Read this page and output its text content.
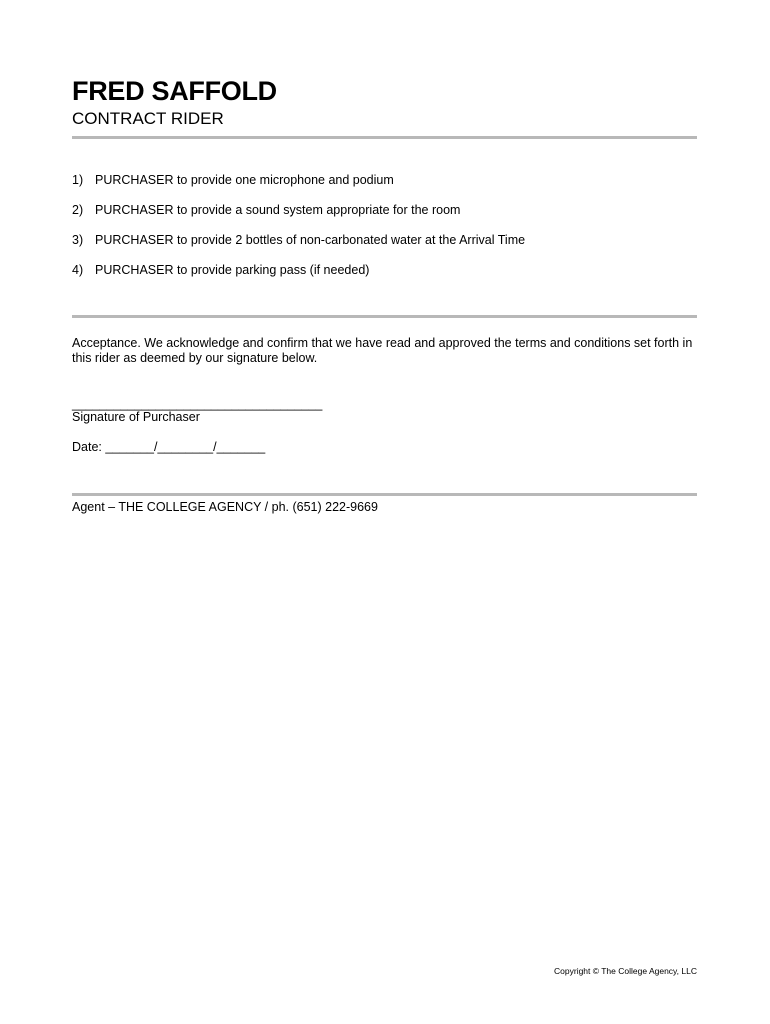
FRED SAFFOLD
CONTRACT RIDER
1) PURCHASER to provide one microphone and podium
2) PURCHASER to provide a sound system appropriate for the room
3) PURCHASER to provide 2 bottles of non-carbonated water at the Arrival Time
4) PURCHASER to provide parking pass (if needed)

Acceptance. We acknowledge and confirm that we have read and approved the terms and conditions set forth in this rider as deemed by our signature below.

____________________________________
Signature of Purchaser
Date: _______/________/_______
Agent – THE COLLEGE AGENCY / ph. (651) 222-9669
Copyright © The College Agency, LLC
